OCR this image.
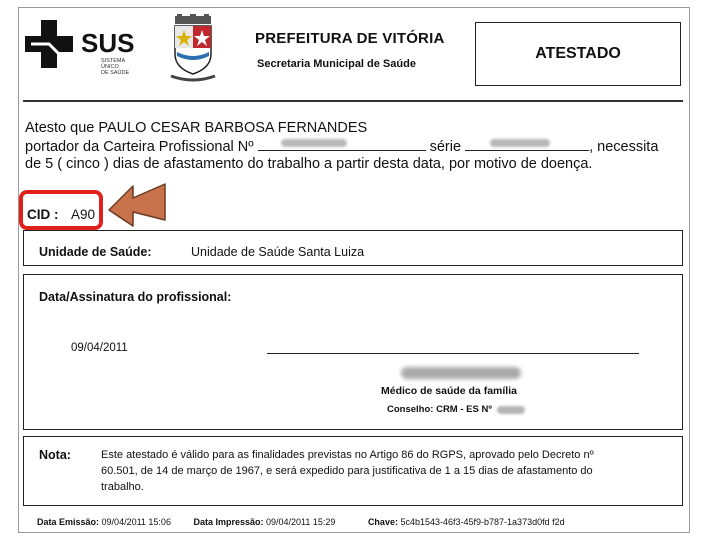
SUS
SISTEMA
ÚNICO
DE SAÚDE
PREFEITURA DE VITÓRIA
Secretaria Municipal de Saúde
ATESTADO
Atesto que PAULO CESAR BARBOSA FERNANDES
portador da Carteira Profissional Nº	série	, necessita
de 5 ( cinco ) dias de afastamento do trabalho a partir desta data, por motivo de doença.
CID : A90
Unidade de Saúde:	Unidade de Saúde Santa Luiza
Data/Assinatura do profissional:
09/04/2011
Médico de saúde da família
Conselho: CRM - ES Nº
Nota:	Este atestado é válido para as finalidades previstas no Artigo 86 do RGPS, aprovado pelo Decreto nº 60.501, de 14 de março de 1967, e será expedido para justificativa de 1 a 15 dias de afastamento do trabalho.
Data Emissão: 09/04/2011 15:06	Data Impressão: 09/04/2011 15:29	Chave: 5c4b1543-46f3-45f9-b787-1a373d0fd f2d
